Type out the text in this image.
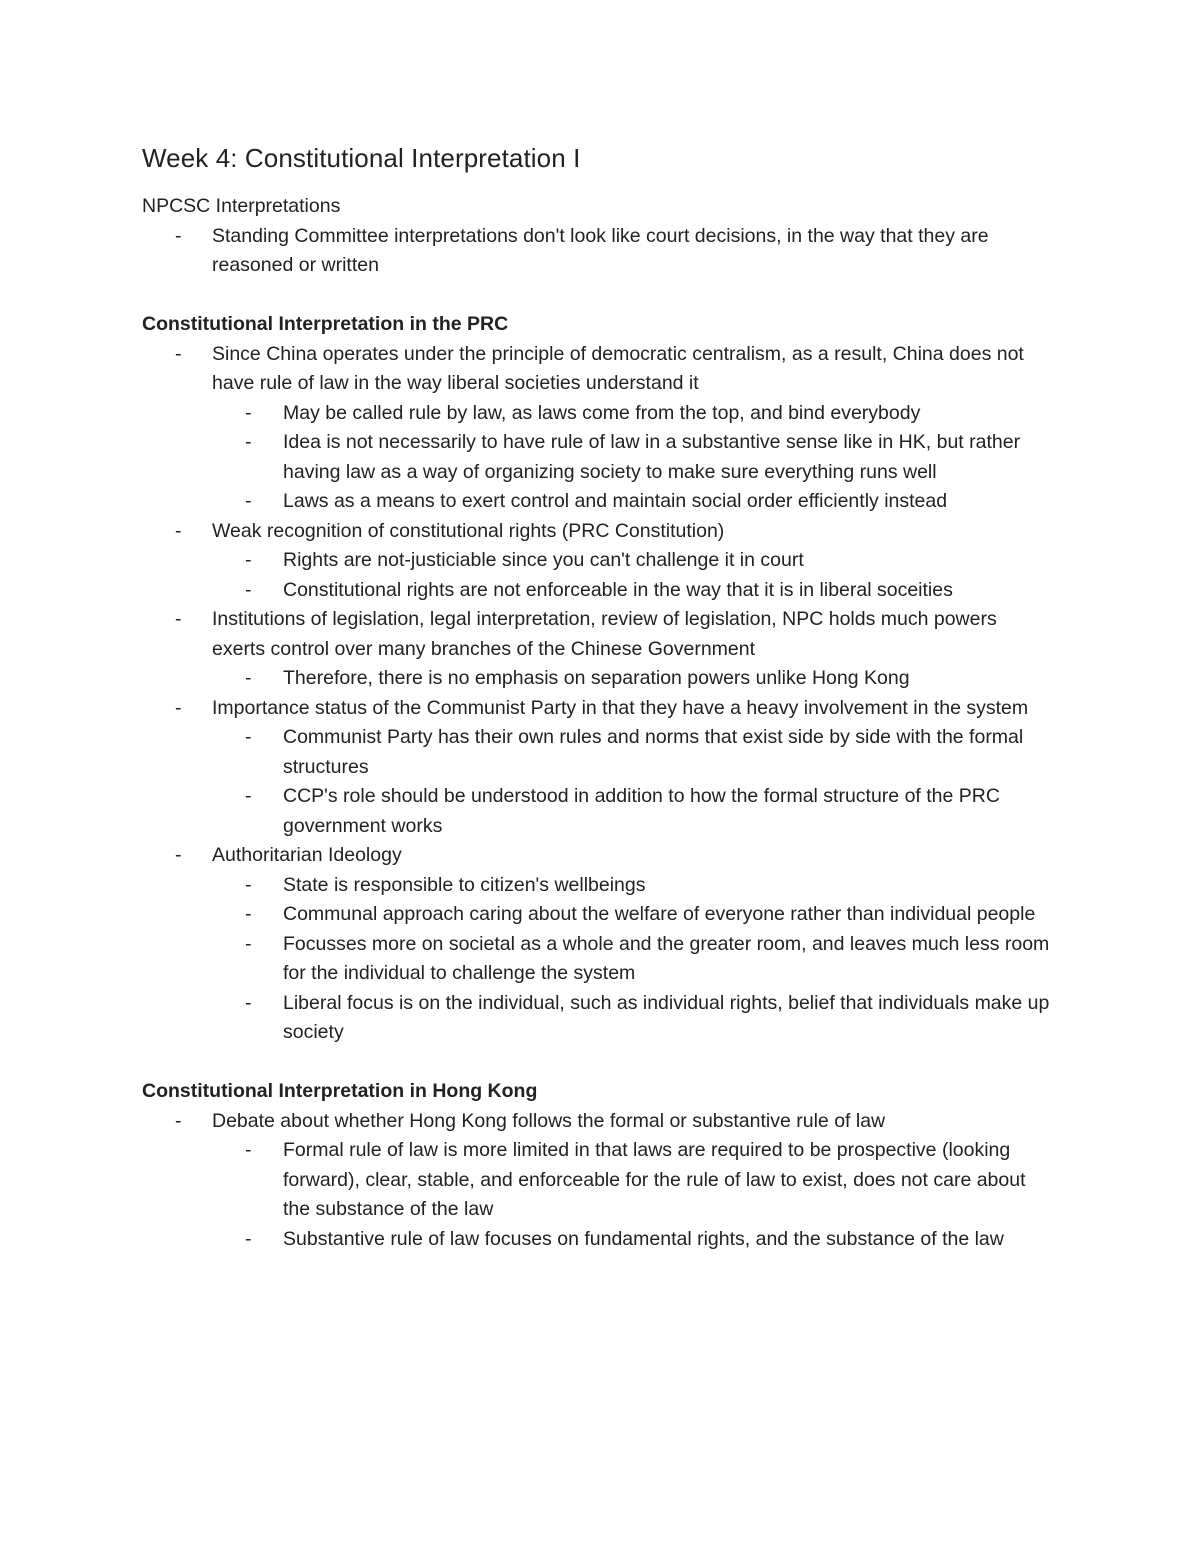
Week 4: Constitutional Interpretation I

NPCSC Interpretations

- Standing Committee interpretations don't look like court decisions, in the way that they are reasoned or written

Constitutional Interpretation in the PRC

- Since China operates under the principle of democratic centralism, as a result, China does not have rule of law in the way liberal societies understand it
- May be called rule by law, as laws come from the top, and bind everybody
- Idea is not necessarily to have rule of law in a substantive sense like in HK, but rather having law as a way of organizing society to make sure everything runs well
- Laws as a means to exert control and maintain social order efficiently instead
- Weak recognition of constitutional rights (PRC Constitution)
- Rights are not-justiciable since you can't challenge it in court
- Constitutional rights are not enforceable in the way that it is in liberal soceities
- Institutions of legislation, legal interpretation, review of legislation, NPC holds much powers exerts control over many branches of the Chinese Government
- Therefore, there is no emphasis on separation powers unlike Hong Kong
- Importance status of the Communist Party in that they have a heavy involvement in the system
- Communist Party has their own rules and norms that exist side by side with the formal structures
- CCP's role should be understood in addition to how the formal structure of the PRC government works
- Authoritarian Ideology
- State is responsible to citizen's wellbeings
- Communal approach caring about the welfare of everyone rather than individual people
- Focusses more on societal as a whole and the greater room, and leaves much less room for the individual to challenge the system
- Liberal focus is on the individual, such as individual rights, belief that individuals make up society

Constitutional Interpretation in Hong Kong

- Debate about whether Hong Kong follows the formal or substantive rule of law
- Formal rule of law is more limited in that laws are required to be prospective (looking forward), clear, stable, and enforceable for the rule of law to exist, does not care about the substance of the law
- Substantive rule of law focuses on fundamental rights, and the substance of the law
